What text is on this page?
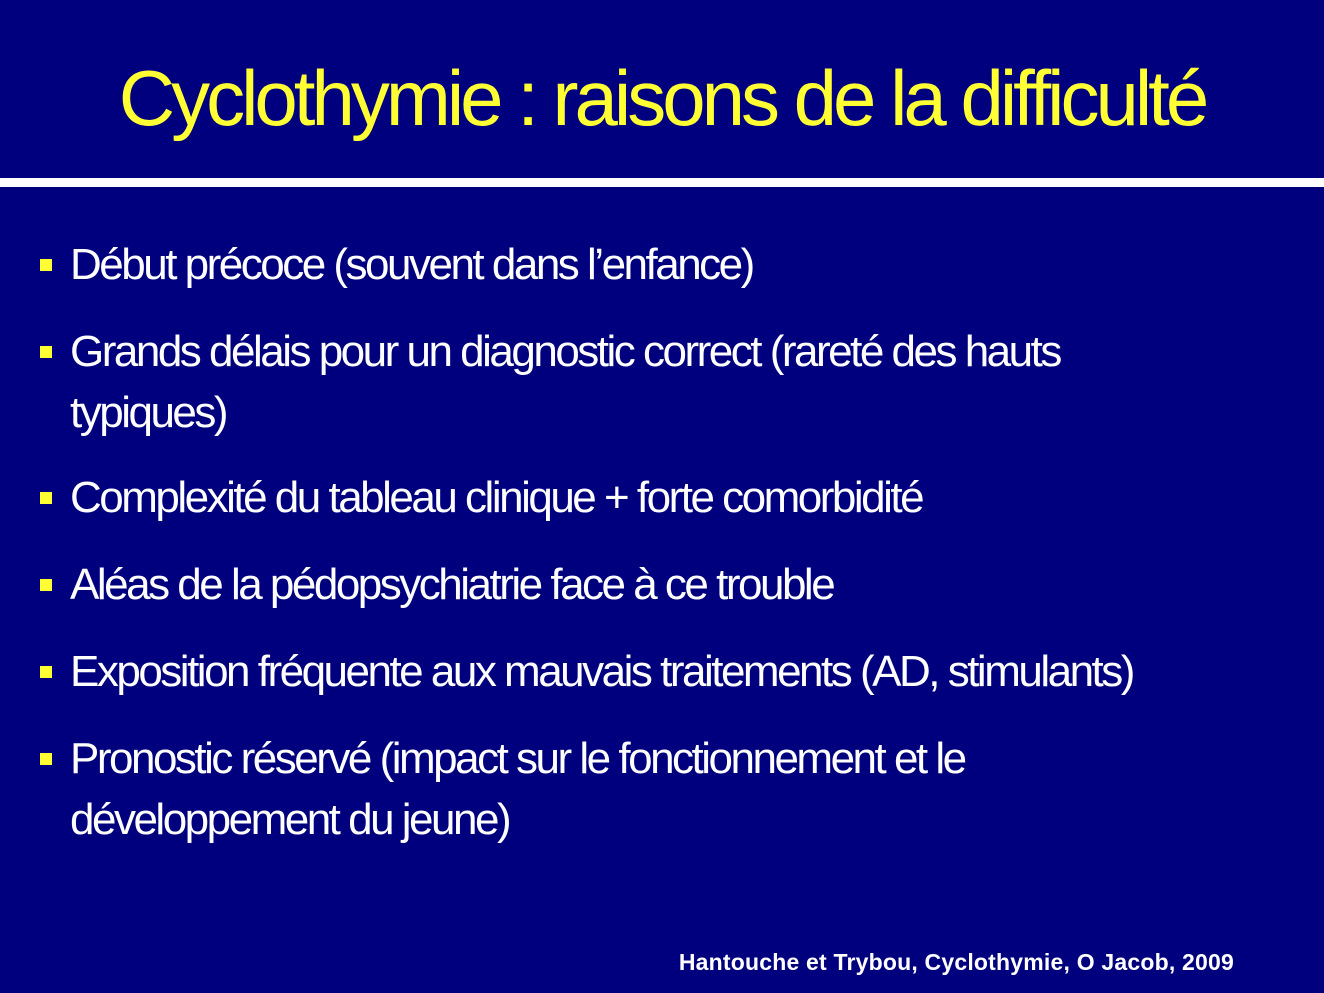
Cyclothymie : raisons de la difficulté
Début précoce (souvent dans l’enfance)
Grands délais pour un diagnostic correct (rareté des hauts typiques)
Complexité du tableau clinique + forte comorbidité
Aléas de la pédopsychiatrie face à ce trouble
Exposition fréquente aux mauvais traitements (AD, stimulants)
Pronostic réservé (impact sur le fonctionnement et le développement du jeune)
Hantouche et Trybou, Cyclothymie, O Jacob, 2009
